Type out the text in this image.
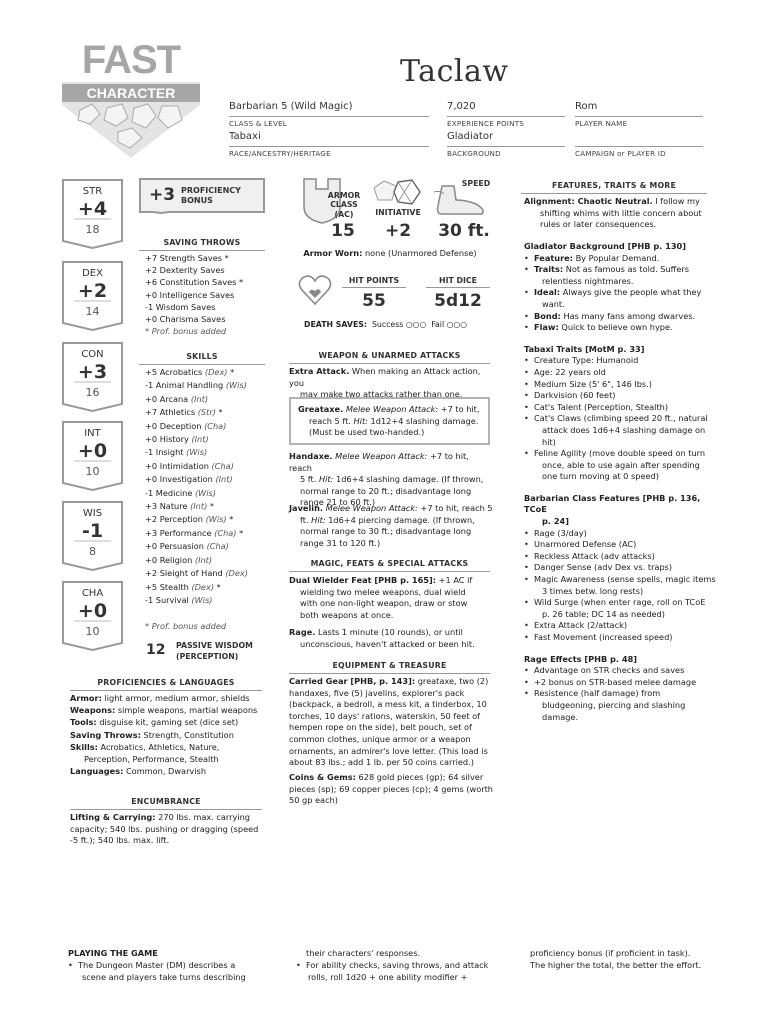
FAST
CHARACTER
Taclaw
Barbarian 5 (Wild Magic)
CLASS & LEVEL
7,020
EXPERIENCE POINTS
Rom
PLAYER NAME
Tabaxi
RACE/ANCESTRY/HERITAGE
Gladiator
BACKGROUND	CAMPAIGN or PLAYER ID
STR
+4
18
DEX
+2
14
CON
+3
16
INT
+0
10
WIS
-1
8
CHA
+0
10
+3 PROFICIENCY
BONUS
SAVING THROWS
+7 Strength Saves *
+2 Dexterity Saves
+6 Constitution Saves *
+0 Intelligence Saves
-1 Wisdom Saves
+0 Charisma Saves
* Prof. bonus added
SKILLS
+5 Acrobatics (Dex) *
-1 Animal Handling (Wis)
+0 Arcana (Int)
+7 Athletics (Str) *
+0 Deception (Cha)
+0 History (Int)
-1 Insight (Wis)
+0 Intimidation (Cha)
+0 Investigation (Int)
-1 Medicine (Wis)
+3 Nature (Int) *
+2 Perception (Wis) *
+3 Performance (Cha) *
+0 Persuasion (Cha)
+0 Religion (Int)
+2 Sleight of Hand (Dex)
+5 Stealth (Dex) *
-1 Survival (Wis)
* Prof. bonus added
12 PASSIVE WISDOM
(PERCEPTION)
PROFICIENCIES & LANGUAGES
Armor: light armor, medium armor, shields
Weapons: simple weapons, martial weapons
Tools: disguise kit, gaming set (dice set)
Saving Throws: Strength, Constitution
Skills: Acrobatics, Athletics, Nature,
Perception, Performance, Stealth
Languages: Common, Dwarvish
ENCUMBRANCE
Lifting & Carrying: 270 lbs. max. carrying
capacity; 540 lbs. pushing or dragging (speed
-5 ft.); 540 lbs. max. lift.
ARMOR
CLASS
(AC)
15
INITIATIVE
+2
SPEED
30 ft.
Armor Worn: none (Unarmored Defense)
HIT POINTS
55
HIT DICE
5d12
DEATH SAVES: Success ○○○ Fail ○○○
WEAPON & UNARMED ATTACKS
Extra Attack. When making an Attack action, you
may make two attacks rather than one.
Greataxe. Melee Weapon Attack: +7 to hit,
reach 5 ft. Hit: 1d12+4 slashing damage.
(Must be used two-handed.)
Handaxe. Melee Weapon Attack: +7 to hit, reach
5 ft. Hit: 1d6+4 slashing damage. (If thrown,
normal range to 20 ft.; disadvantage long
range 21 to 60 ft.)
Javelin. Melee Weapon Attack: +7 to hit, reach 5
ft. Hit: 1d6+4 piercing damage. (If thrown,
normal range to 30 ft.; disadvantage long
range 31 to 120 ft.)
MAGIC, FEATS & SPECIAL ATTACKS
Dual Wielder Feat [PHB p. 165]: +1 AC if
wielding two melee weapons, dual wield
with one non-light weapon, draw or stow
both weapons at once.
Rage. Lasts 1 minute (10 rounds), or until
unconscious, haven't attacked or been hit.
EQUIPMENT & TREASURE
Carried Gear [PHB, p. 143]: greataxe, two (2)
handaxes, five (5) javelins, explorer's pack
(backpack, a bedroll, a mess kit, a tinderbox, 10
torches, 10 days' rations, waterskin, 50 feet of
hempen rope on the side), belt pouch, set of
common clothes, unique armor or a weapon
ornaments, an admirer's love letter. (This load is
about 83 lbs.; add 1 lb. per 50 coins carried.)
Coins & Gems: 628 gold pieces (gp); 64 silver
pieces (sp); 69 copper pieces (cp); 4 gems (worth
50 gp each)
FEATURES, TRAITS & MORE
Alignment: Chaotic Neutral. I follow my
shifting whims with little concern about
rules or later consequences.
Gladiator Background [PHB p. 130]
• Feature: By Popular Demand.
• Traits: Not as famous as told. Suffers
relentless nightmares.
• Ideal: Always give the people what they
want.
• Bond: Has many fans among dwarves.
• Flaw: Quick to believe own hype.
Tabaxi Traits [MotM p. 33]
• Creature Type: Humanoid
• Age: 22 years old
• Medium Size (5' 6", 146 lbs.)
• Darkvision (60 feet)
• Cat's Talent (Perception, Stealth)
• Cat's Claws (climbing speed 20 ft., natural
attack does 1d6+4 slashing damage on
hit)
• Feline Agility (move double speed on turn
once, able to use again after spending
one turn moving at 0 speed)
Barbarian Class Features [PHB p. 136, TCoE
p. 24]
• Rage (3/day)
• Unarmored Defense (AC)
• Reckless Attack (adv attacks)
• Danger Sense (adv Dex vs. traps)
• Magic Awareness (sense spells, magic items
3 times betw. long rests)
• Wild Surge (when enter rage, roll on TCoE
p. 26 table; DC 14 as needed)
• Extra Attack (2/attack)
• Fast Movement (increased speed)
Rage Effects [PHB p. 48]
• Advantage on STR checks and saves
• +2 bonus on STR-based melee damage
• Resistence (half damage) from
bludgeoning, piercing and slashing
damage.
PLAYING THE GAME
• The Dungeon Master (DM) describes a
scene and players take turns describing
their characters' responses.
• For ability checks, saving throws, and attack
rolls, roll 1d20 + one ability modifier +
proficiency bonus (if proficient in task).
The higher the total, the better the effort.
